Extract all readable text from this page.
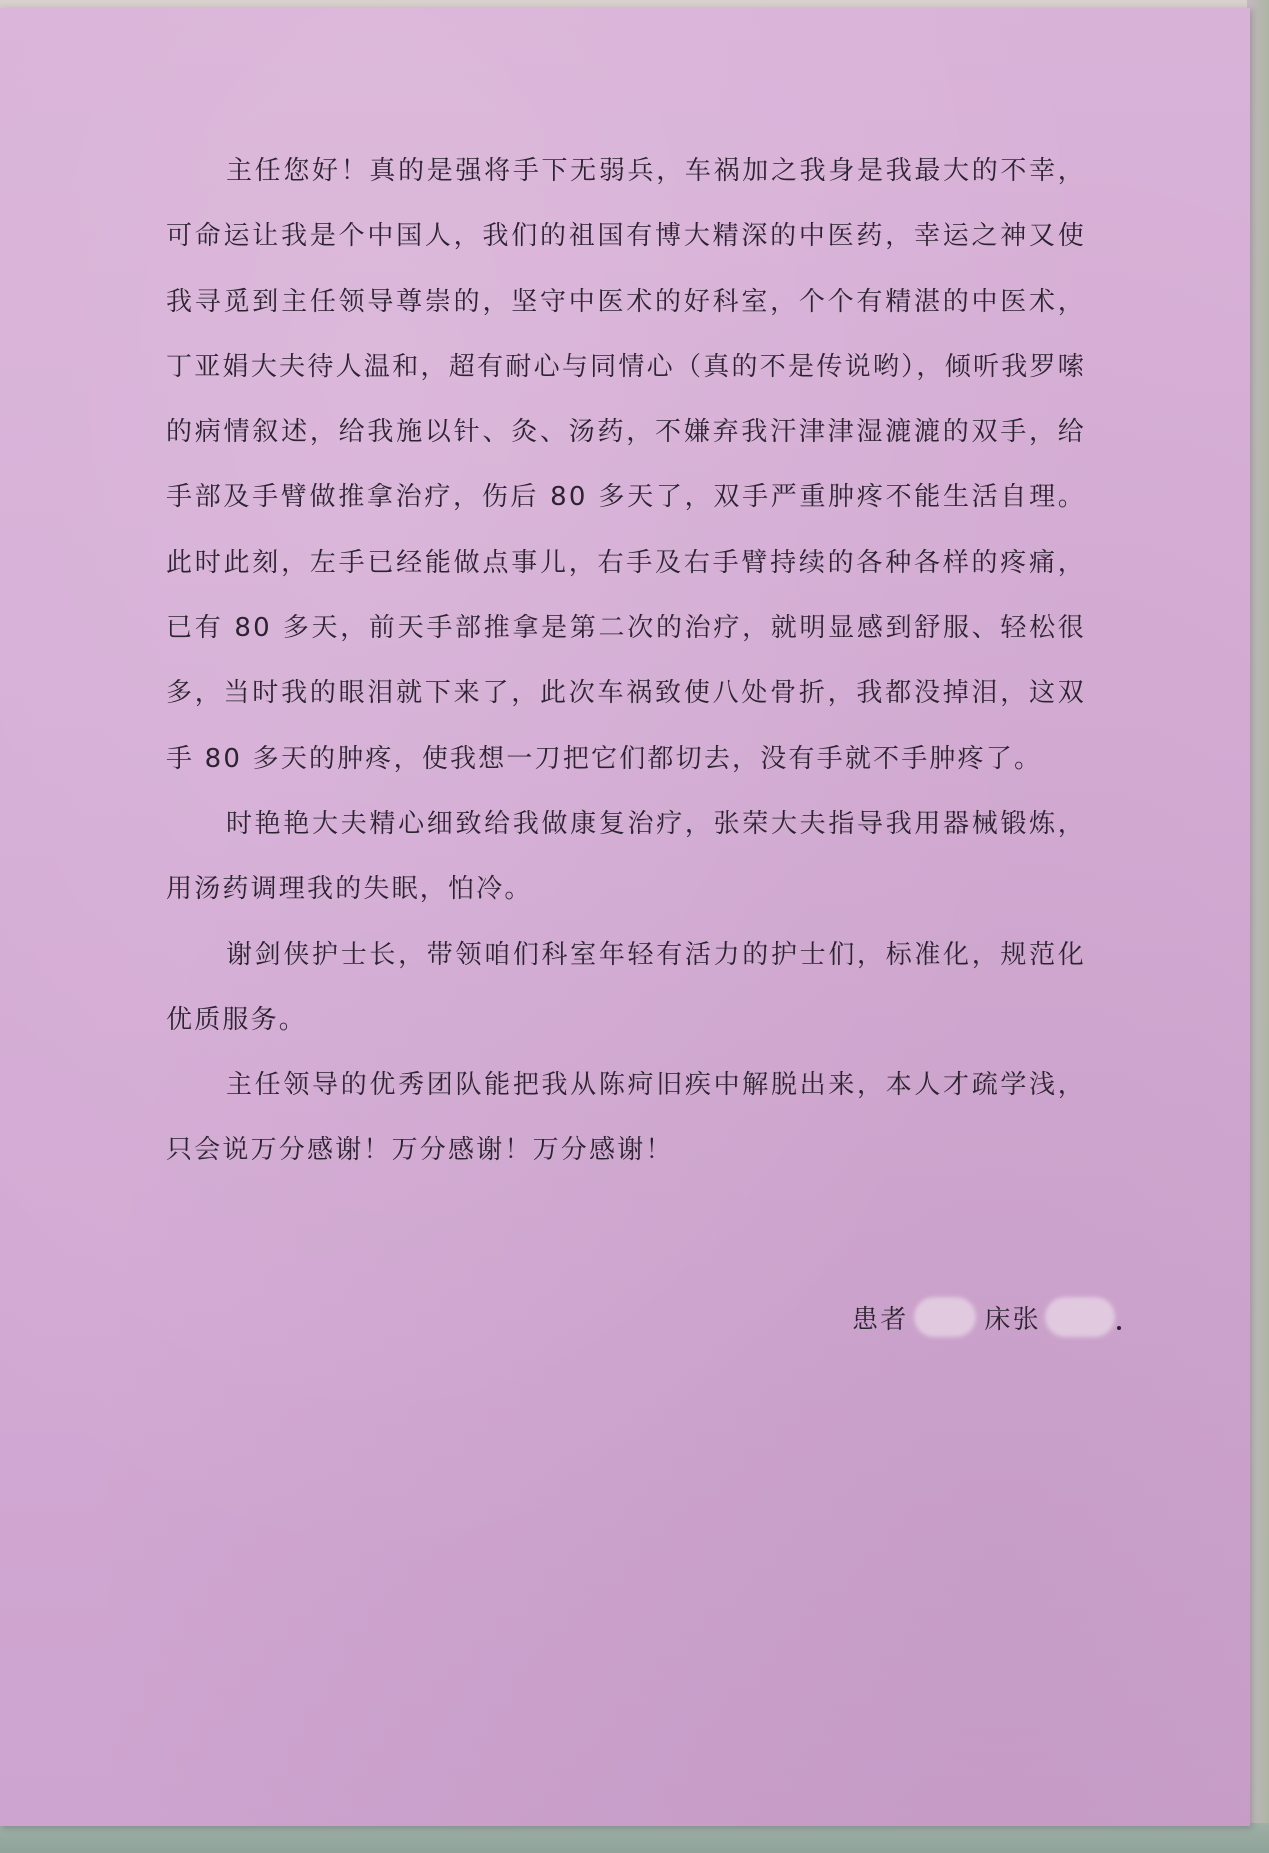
主任您好！真的是强将手下无弱兵，车祸加之我身是我最大的不幸，可命运让我是个中国人，我们的祖国有博大精深的中医药，幸运之神又使我寻觅到主任领导尊崇的，坚守中医术的好科室，个个有精湛的中医术，丁亚娟大夫待人温和，超有耐心与同情心（真的不是传说哟），倾听我罗嗦的病情叙述，给我施以针、灸、汤药，不嫌弃我汗津津湿漉漉的双手，给手部及手臂做推拿治疗，伤后 80 多天了，双手严重肿疼不能生活自理。此时此刻，左手已经能做点事儿，右手及右手臂持续的各种各样的疼痛，已有 80 多天，前天手部推拿是第二次的治疗，就明显感到舒服、轻松很多，当时我的眼泪就下来了，此次车祸致使八处骨折，我都没掉泪，这双手 80 多天的肿疼，使我想一刀把它们都切去，没有手就不手肿疼了。

时艳艳大夫精心细致给我做康复治疗，张荣大夫指导我用器械锻炼，用汤药调理我的失眠，怕冷。

谢剑侠护士长，带领咱们科室年轻有活力的护士们，标准化，规范化优质服务。

主任领导的优秀团队能把我从陈疴旧疾中解脱出来，本人才疏学浅，只会说万分感谢！万分感谢！万分感谢！

患者	床张
